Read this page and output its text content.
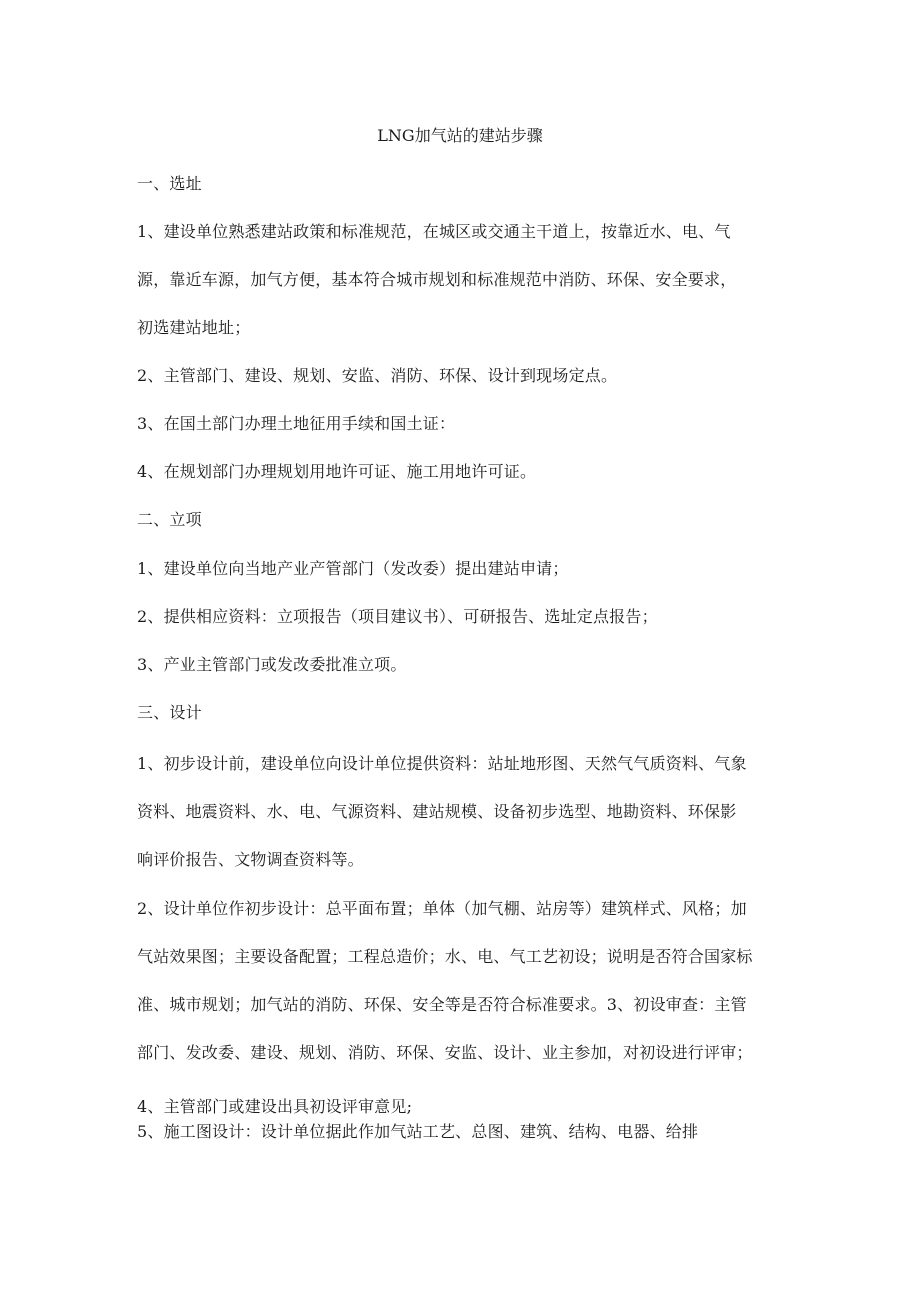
LNG加气站的建站步骤
一、选址
1、建设单位熟悉建站政策和标准规范，在城区或交通主干道上，按靠近水、电、气
源，靠近车源，加气方便，基本符合城市规划和标准规范中消防、环保、安全要求，
初选建站地址；
2、主管部门、建设、规划、安监、消防、环保、设计到现场定点。
3、在国土部门办理土地征用手续和国土证：
4、在规划部门办理规划用地许可证、施工用地许可证。
二、立项
1、建设单位向当地产业产管部门（发改委）提出建站申请；
2、提供相应资料：立项报告（项目建议书）、可研报告、选址定点报告；
3、产业主管部门或发改委批准立项。
三、设计
1、初步设计前，建设单位向设计单位提供资料：站址地形图、天然气气质资料、气象
资料、地震资料、水、电、气源资料、建站规模、设备初步选型、地勘资料、环保影
响评价报告、文物调查资料等。
2、设计单位作初步设计：总平面布置；单体（加气棚、站房等）建筑样式、风格；加
气站效果图；主要设备配置；工程总造价；水、电、气工艺初设；说明是否符合国家标
准、城市规划；加气站的消防、环保、安全等是否符合标准要求。3、初设审查：主管
部门、发改委、建设、规划、消防、环保、安监、设计、业主参加，对初设进行评审；
4、主管部门或建设出具初设评审意见;
5、施工图设计：设计单位据此作加气站工艺、总图、建筑、结构、电器、给排
